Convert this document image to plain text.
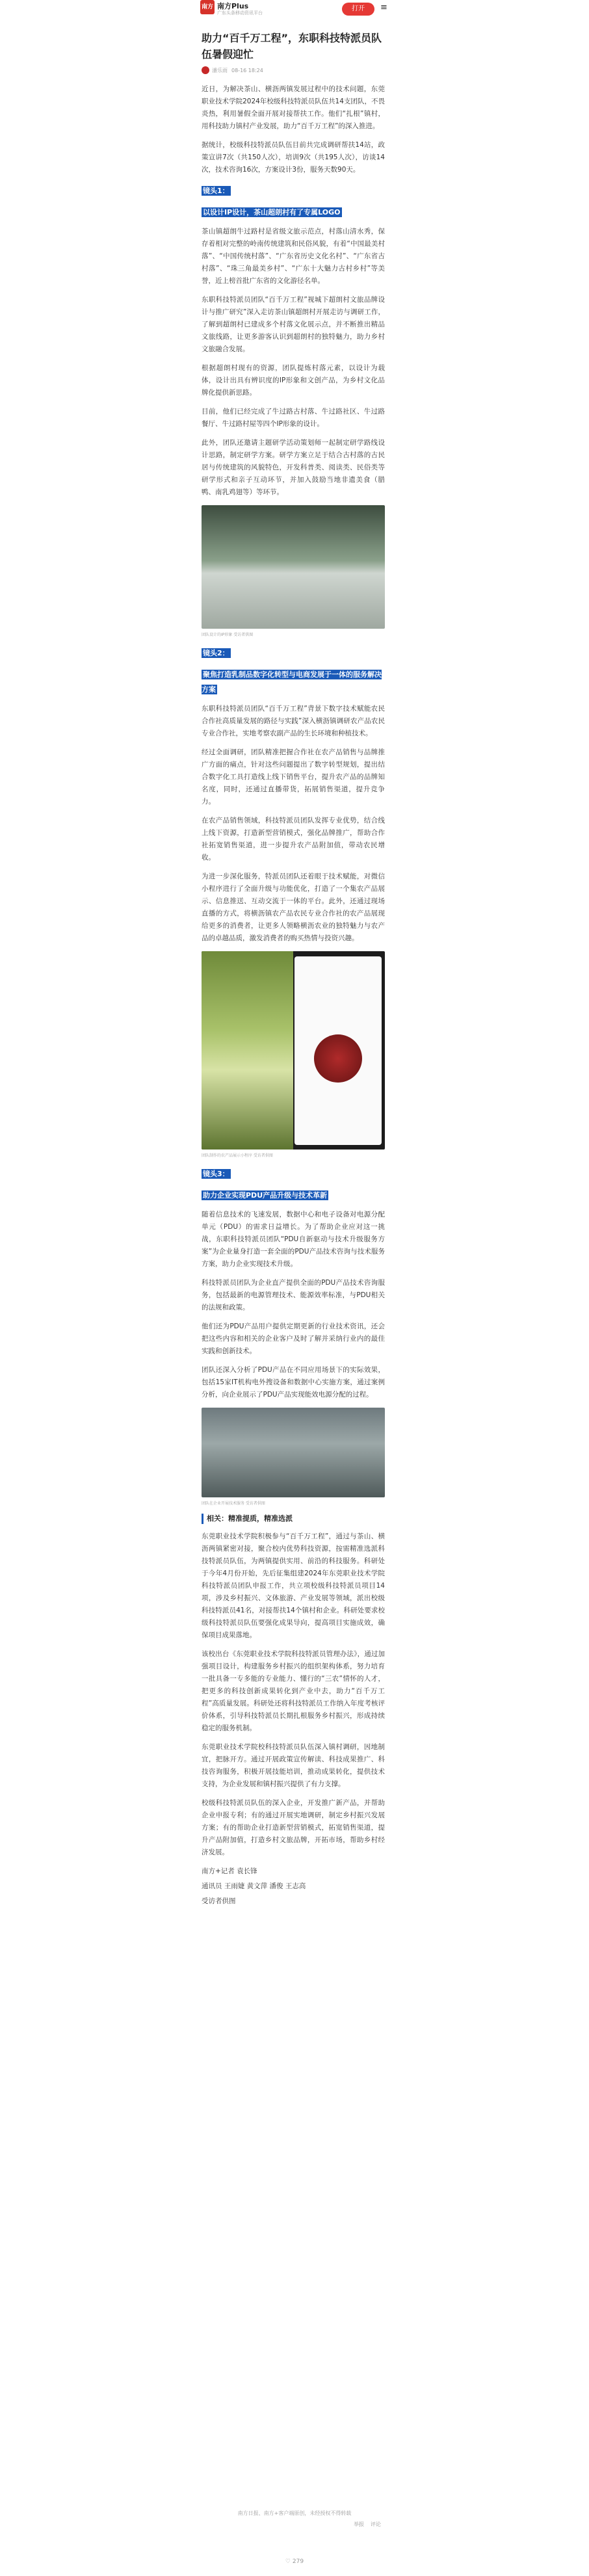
南方+
南方Plus
广东头条移动资讯平台
打开	≡
助力“百千万工程”，东职科技特派员队伍暑假迎忙
潘乐雨 08-16 18:24

近日，为解决茶山、横沥两镇发展过程中的技术问题，东莞职业技术学院2024年校级科技特派员队伍共14支团队，不畏炎热，利用暑假全面开展对接帮扶工作。他们“扎根”镇村，用科技助力镇村产业发展，助力“百千万工程”的深入推进。

据统计，校级科技特派员队伍目前共完成调研帮扶14站，政策宣讲7次（共150人次），培训9次（共195人次），访谈14次，技术咨询16次，方案设计3份，服务天数90天。

镜头1：
以设计IP设计，茶山超朗村有了专属LOGO

茶山镇超朗牛过路村是省级文旅示范点，村落山清水秀，保存着相对完整的岭南传统建筑和民俗风貌，有着“中国最美村落”、“中国传统村落”、“广东省历史文化名村”、“广东省古村落”、“珠三角最美乡村”、“广东十大魅力古村乡村”等美誉，近上榜首批广东省的文化游径名单。

东职科技特派员团队“百千万工程”视城下超朗村文旅品牌设计与推广研究”深入走访茶山镇超朗村开展走访与调研工作，了解到超朗村已建成多个村落文化展示点，并不断推出精品文旅线路，让更多游客认识到超朗村的独特魅力，助力乡村文旅融合发展。

根据超朗村现有的资源，团队提炼村落元素，以设计为载体，设计出具有辨识度的IP形象和文创产品，为乡村文化品牌化提供新思路。

目前，他们已经完成了牛过路古村落、牛过路社区、牛过路餐厅、牛过路村屋等四个IP形象的设计。

此外，团队还邀请主题研学活动策划师一起制定研学路线设计思路，制定研学方案。研学方案立足于结合古村落的古民居与传统建筑的风貌特色，开发科普类、阅读类、民俗类等研学形式和亲子互动环节，并加入鼓励当地非遗美食（腊鸭、南乳鸡翅等）等环节。

团队设计的IP形象 受访者供图
镜头2：
聚焦打造乳制品数字化转型与电商发展于一体的服务解决方案

东职科技特派员团队“百千万工程”背景下数字技术赋能农民合作社高质量发展的路径与实践”深入横沥镇调研农产品农民专业合作社，实地考察农副产品的生长环境和种植技术。

经过全面调研，团队精准把握合作社在农产品销售与品牌推广方面的痛点，针对这些问题提出了数字转型规划，提出结合数字化工具打造线上线下销售平台，提升农产品的品牌知名度，同时，还通过直播带货，拓展销售渠道，提升竞争力。

在农产品销售领域，科技特派员团队发挥专业优势，结合线上线下资源，打造新型营销模式，强化品牌推广，帮助合作社拓宽销售渠道，进一步提升农产品附加值，带动农民增收。

为进一步深化服务，特派员团队还着眼于技术赋能，对微信小程序进行了全面升级与功能优化，打造了一个集农产品展示、信息推送、互动交流于一体的平台。此外，还通过现场直播的方式，将横沥镇农产品农民专业合作社的农产品展现给更多的消费者，让更多人领略横沥农业的独特魅力与农产品的卓越品质，激发消费者的购买热情与投资兴趣。

团队制作的农产品展示小程序 受访者供图
镜头3：
助力企业实现PDU产品升级与技术革新

随着信息技术的飞速发展，数据中心和电子设备对电源分配单元（PDU）的需求日益增长。为了帮助企业应对这一挑战，东职科技特派员团队“PDU自新驱动与技术升级服务方案”为企业量身打造一套全面的PDU产品技术咨询与技术服务方案，助力企业实现技术升级。

科技特派员团队为企业直产提供全面的PDU产品技术咨询服务，包括最新的电源管理技术、能源效率标准，与PDU相关的法规和政策。

他们还为PDU产品用户提供定期更新的行业技术资讯，还会把这些内容和相关的企业客户及时了解并采纳行业内的最佳实践和创新技术。

团队还深入分析了PDU产品在不同应用场景下的实际效果，包括15家IT机构电外搜设备和数据中心实施方案，通过案例分析，向企业展示了PDU产品实现能效电源分配的过程。

团队在企业开展技术服务 受访者供图
相关：精准提质，精准选派

东莞职业技术学院积极参与“百千万工程”，通过与茶山、横沥两镇紧密对接，聚合校内优势科技资源，按需精准选派科技特派员队伍，为两镇提供实用、前沿的科技服务。科研处于今年4月份开始，先后征集组建2024年东莞职业技术学院科技特派员团队申报工作，共立项校级科技特派员项目14项，涉及乡村振兴、文体旅游、产业发展等领域，派出校级科技特派员41名，对接帮扶14个镇村和企业。科研处要求校级科技特派员队伍要强化成果导向，提高项目实施成效，确保项目成果落地。

该校出台《东莞职业技术学院科技特派员管理办法》，通过加强项目设计，构建服务乡村振兴的组织架构体系，努力培育一批具备一专多能的专业能力、懂行的“三农”情怀的人才，把更多的科技创新成果转化到产业中去，助力“百千万工程”高质量发展。科研处还将科技特派员工作纳入年度考核评价体系，引导科技特派员长期扎根服务乡村振兴，形成持续稳定的服务机制。

东莞职业技术学院校科技特派员队伍深入镇村调研，因地制宜，把脉开方。通过开展政策宣传解读、科技成果推广、科技咨询服务，积极开展技能培训，推动成果转化，提供技术支持，为企业发展和镇村振兴提供了有力支撑。

校级科技特派员队伍的深入企业，开发推广新产品，并帮助企业申报专利；有的通过开展实地调研，制定乡村振兴发展方案；有的帮助企业打造新型营销模式，拓宽销售渠道，提升产品附加值，打造乡村文旅品牌，开拓市场，帮助乡村经济发展。

南方+记者 袁长锋

通讯员 王雨婕 黄文萍 潘俊 王志高

受访者供图

南方日报、南方+客户端原创，未经授权不得转载
举报 评论
♡ 279
